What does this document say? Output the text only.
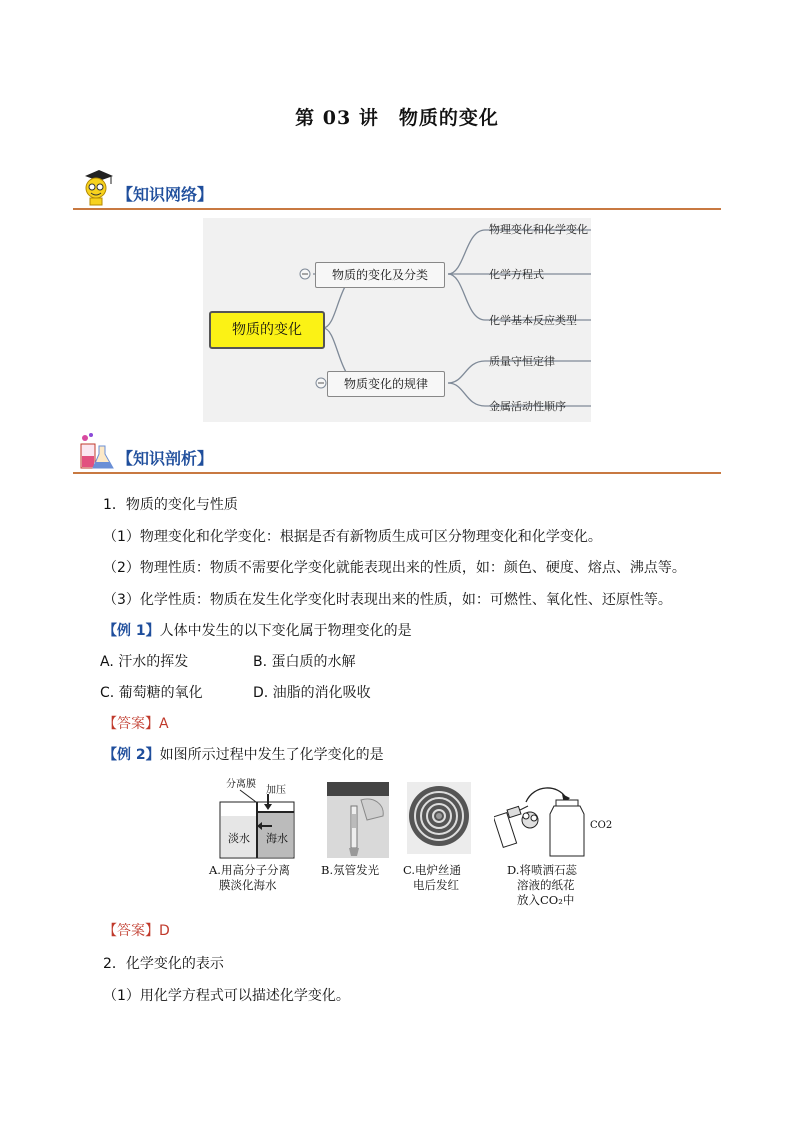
第 03 讲　物质的变化
【知识网络】
物质的变化
物质的变化及分类
物质变化的规律
物理变化和化学变化
化学方程式
化学基本反应类型
质量守恒定律
金属活动性顺序
【知识剖析】
1．物质的变化与性质
（1）物理变化和化学变化：根据是否有新物质生成可区分物理变化和化学变化。
（2）物理性质：物质不需要化学变化就能表现出来的性质，如：颜色、硬度、熔点、沸点等。
（3）化学性质：物质在发生化学变化时表现出来的性质，如：可燃性、氧化性、还原性等。
【例 1】人体中发生的以下变化属于物理变化的是
A. 汗水的挥发	B. 蛋白质的水解
C. 葡萄糖的氧化	D. 油脂的消化吸收
【答案】A
【例 2】如图所示过程中发生了化学变化的是
分离膜
加压
淡水 海水
CO2
A.用高分子分离
膜淡化海水
B.氖管发光 C.电炉丝通
电后发红
D.将喷洒石蕊
溶液的纸花
放入CO₂中
【答案】D
2．化学变化的表示
（1）用化学方程式可以描述化学变化。
